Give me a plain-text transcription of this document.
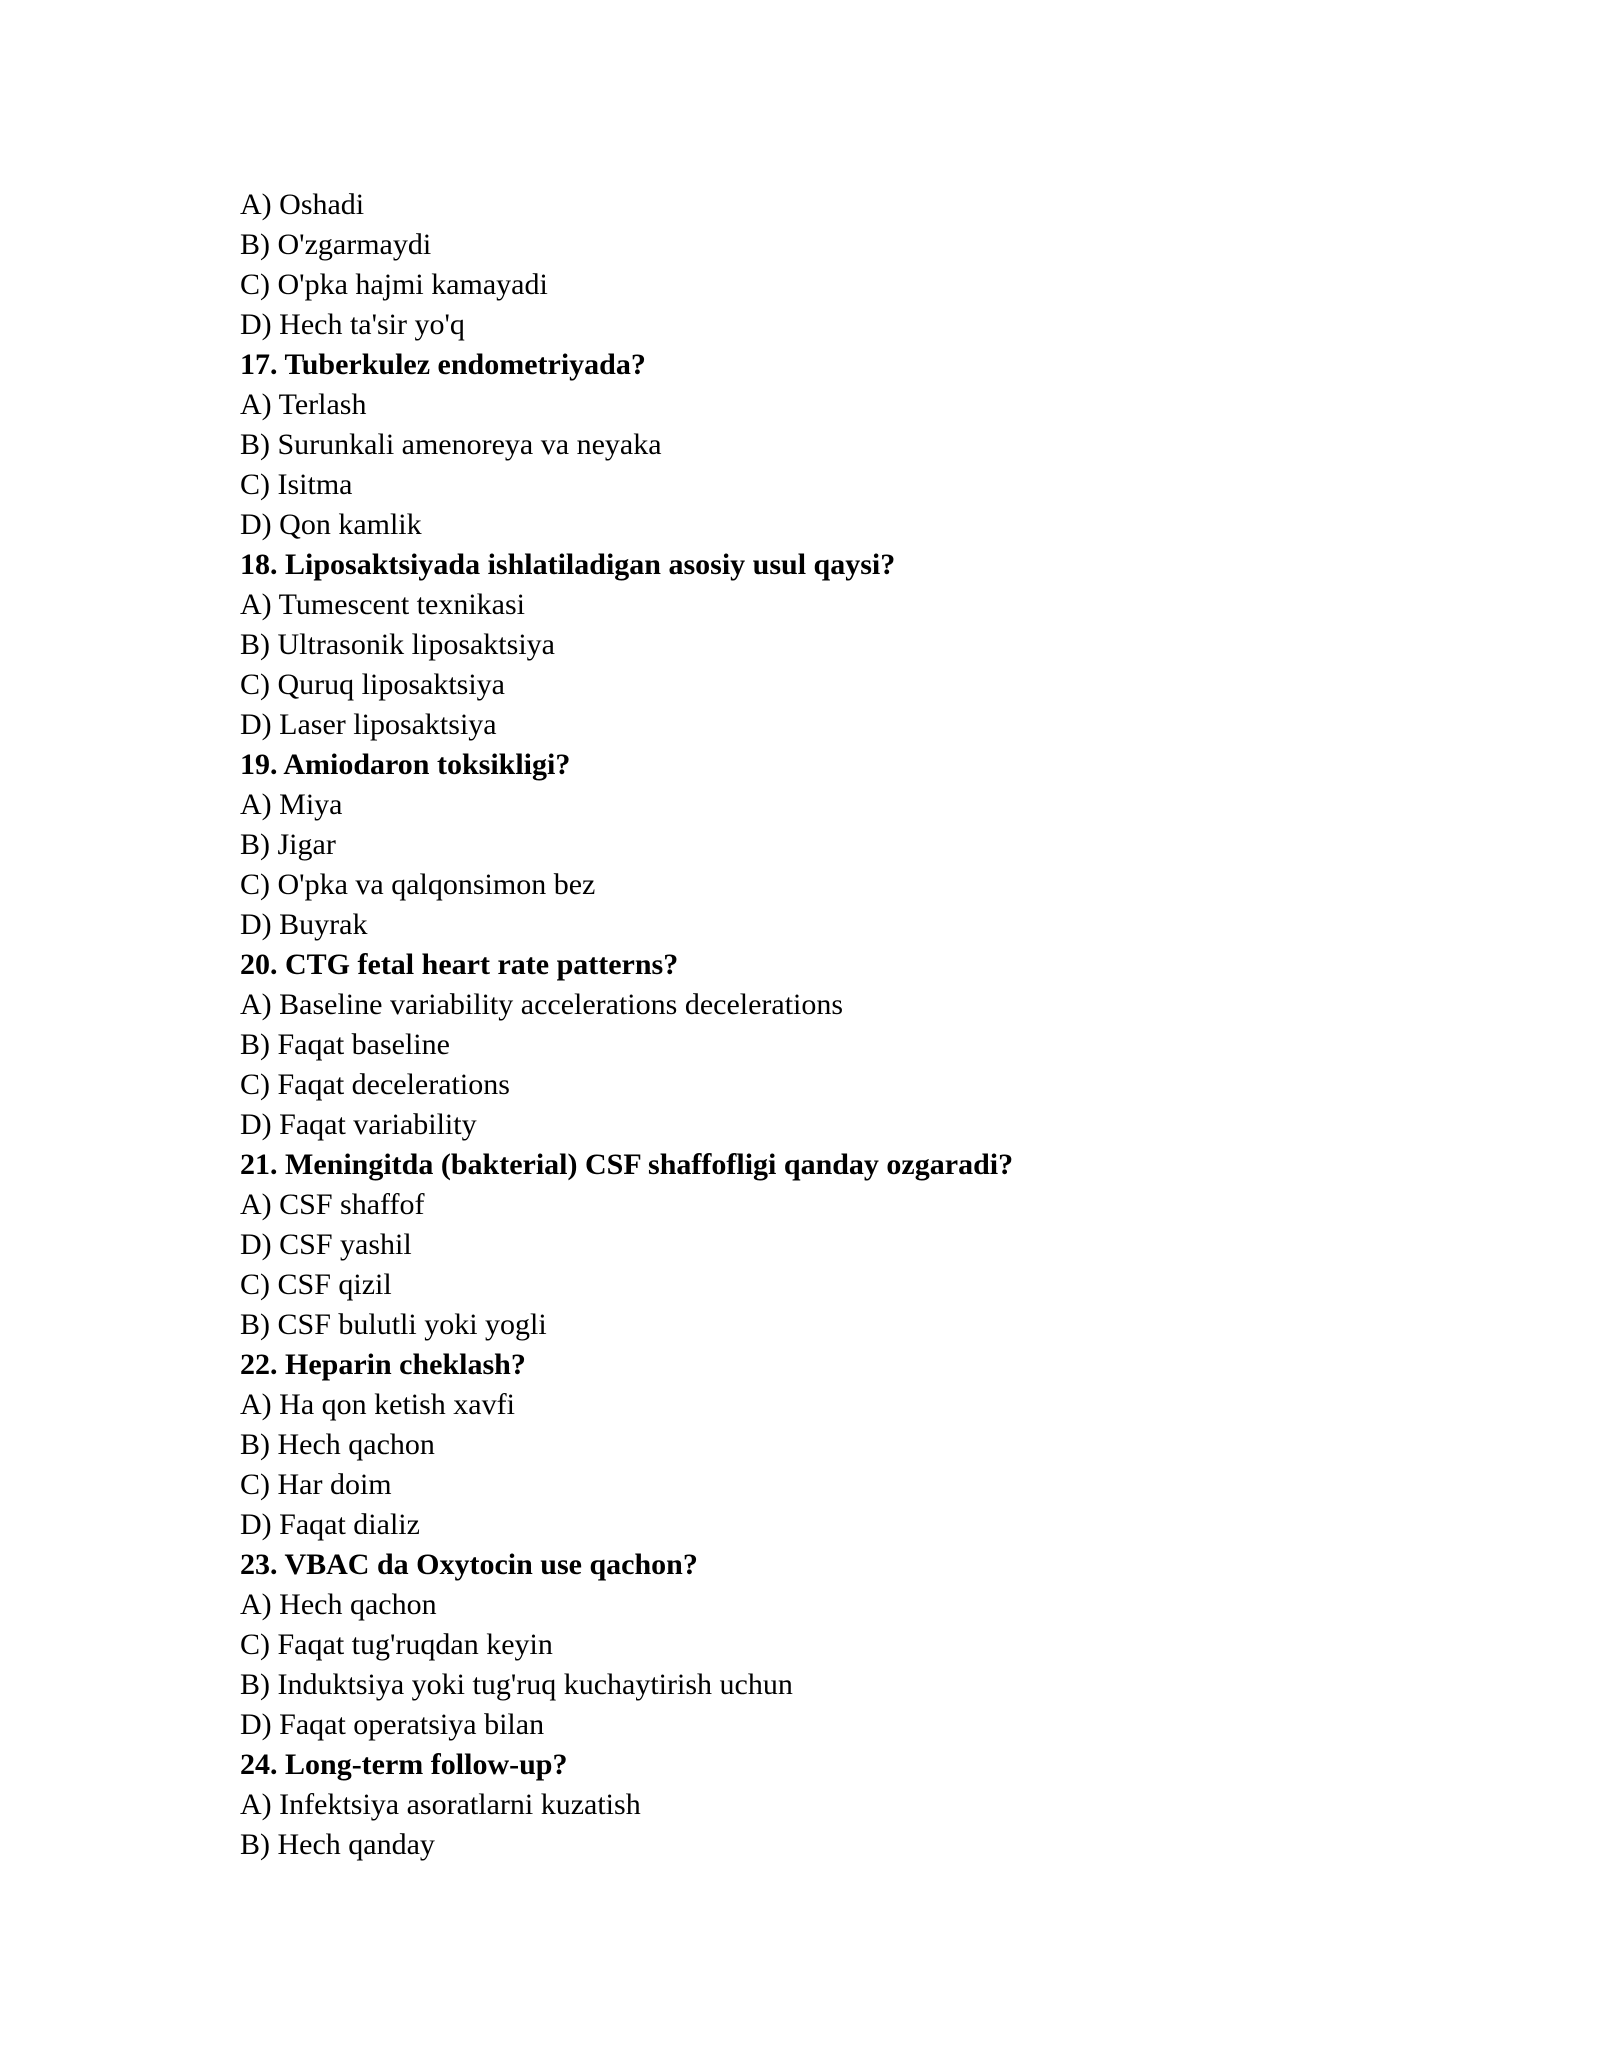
A) Oshadi
B) O'zgarmaydi
C) O'pka hajmi kamayadi
D) Hech ta'sir yo'q
17. Tuberkulez endometriyada?
A) Terlash
B) Surunkali amenoreya va neyaka
C) Isitma
D) Qon kamlik
18. Liposaktsiyada ishlatiladigan asosiy usul qaysi?
A) Tumescent texnikasi
B) Ultrasonik liposaktsiya
C) Quruq liposaktsiya
D) Laser liposaktsiya
19. Amiodaron toksikligi?
A) Miya
B) Jigar
C) O'pka va qalqonsimon bez
D) Buyrak
20. CTG fetal heart rate patterns?
A) Baseline variability accelerations decelerations
B) Faqat baseline
C) Faqat decelerations
D) Faqat variability
21. Meningitda (bakterial) CSF shaffofligi qanday ozgaradi?
A) CSF shaffof
D) CSF yashil
C) CSF qizil
B) CSF bulutli yoki yogli
22. Heparin cheklash?
A) Ha qon ketish xavfi
B) Hech qachon
C) Har doim
D) Faqat dializ
23. VBAC da Oxytocin use qachon?
A) Hech qachon
C) Faqat tug'ruqdan keyin
B) Induktsiya yoki tug'ruq kuchaytirish uchun
D) Faqat operatsiya bilan
24. Long-term follow-up?
A) Infektsiya asoratlarni kuzatish
B) Hech qanday
